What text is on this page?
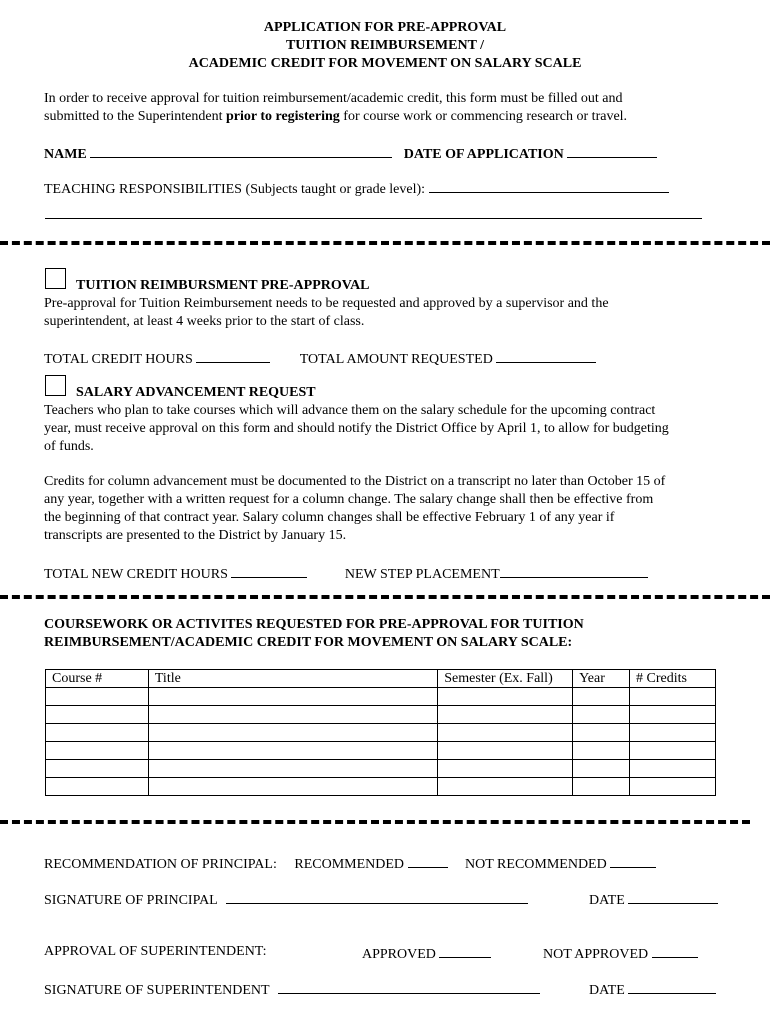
APPLICATION FOR PRE-APPROVAL
TUITION REIMBURSEMENT /
ACADEMIC CREDIT FOR MOVEMENT ON SALARY SCALE
In order to receive approval for tuition reimbursement/academic credit, this form must be filled out and
submitted to the Superintendent prior to registering for course work or commencing research or travel.
NAME	DATE OF APPLICATION
TEACHING RESPONSIBILITIES (Subjects taught or grade level):
TUITION REIMBURSMENT PRE-APPROVAL
Pre-approval for Tuition Reimbursement needs to be requested and approved by a supervisor and the
superintendent, at least 4 weeks prior to the start of class.
TOTAL CREDIT HOURS	TOTAL AMOUNT REQUESTED
SALARY ADVANCEMENT REQUEST
Teachers who plan to take courses which will advance them on the salary schedule for the upcoming contract
year, must receive approval on this form and should notify the District Office by April 1, to allow for budgeting
of funds.
Credits for column advancement must be documented to the District on a transcript no later than October 15 of
any year, together with a written request for a column change. The salary change shall then be effective from
the beginning of that contract year. Salary column changes shall be effective February 1 of any year if
transcripts are presented to the District by January 15.
TOTAL NEW CREDIT HOURS	NEW STEP PLACEMENT
COURSEWORK OR ACTIVITES REQUESTED FOR PRE-APPROVAL FOR TUITION
REIMBURSEMENT/ACADEMIC CREDIT FOR MOVEMENT ON SALARY SCALE:
Course #	Title	Semester (Ex. Fall)	Year	# Credits

RECOMMENDATION OF PRINCIPAL: RECOMMENDED	NOT RECOMMENDED
SIGNATURE OF PRINCIPAL	DATE
APPROVAL OF SUPERINTENDENT:	APPROVED	NOT APPROVED
SIGNATURE OF SUPERINTENDENT	DATE
